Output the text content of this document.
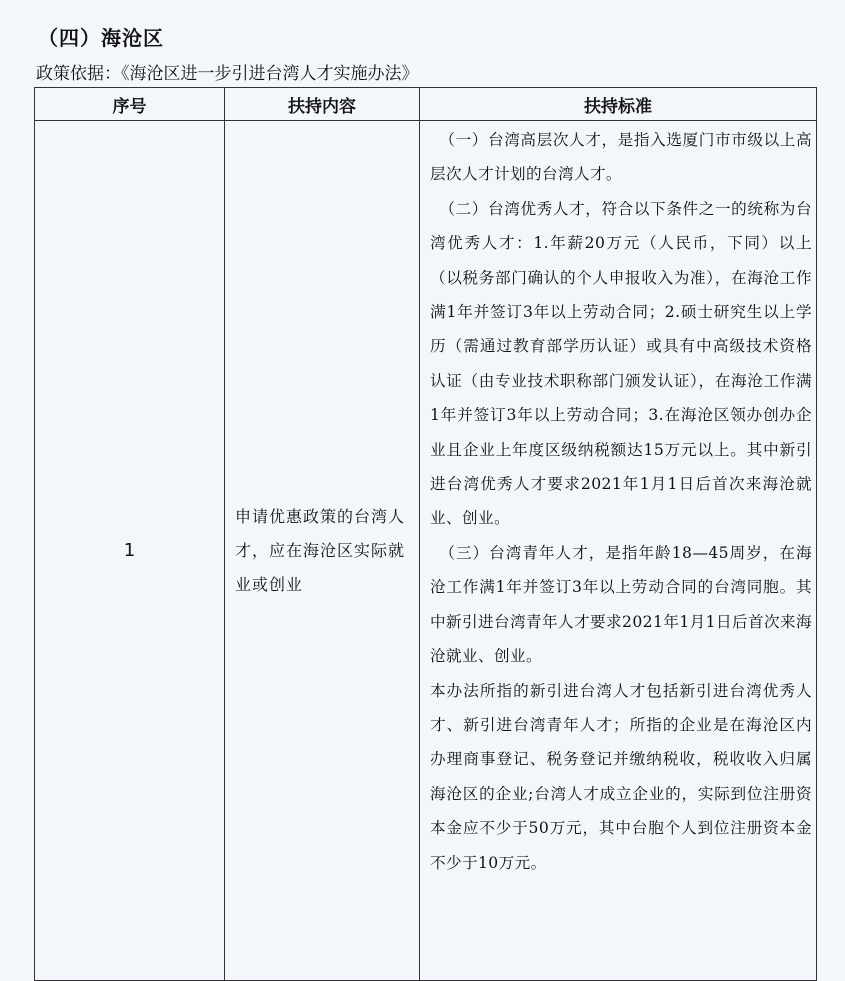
（四）海沧区
政策依据：《海沧区进一步引进台湾人才实施办法》
序号	扶持内容	扶持标准
1	申请优惠政策的台湾人才，应在海沧区实际就业或创业	（一）台湾高层次人才，是指入选厦门市市级以上高层次人才计划的台湾人才。

（二）台湾优秀人才，符合以下条件之一的统称为台湾优秀人才：1.年薪20万元（人民币，下同）以上（以税务部门确认的个人申报收入为准），在海沧工作满1年并签订3年以上劳动合同；2.硕士研究生以上学历（需通过教育部学历认证）或具有中高级技术资格认证（由专业技术职称部门颁发认证），在海沧工作满1年并签订3年以上劳动合同；3.在海沧区领办创办企业且企业上年度区级纳税额达15万元以上。其中新引进台湾优秀人才要求2021年1月1日后首次来海沧就业、创业。

（三）台湾青年人才，是指年龄18—45周岁，在海沧工作满1年并签订3年以上劳动合同的台湾同胞。其中新引进台湾青年人才要求2021年1月1日后首次来海沧就业、创业。

本办法所指的新引进台湾人才包括新引进台湾优秀人才、新引进台湾青年人才；所指的企业是在海沧区内办理商事登记、税务登记并缴纳税收，税收收入归属海沧区的企业;台湾人才成立企业的，实际到位注册资本金应不少于50万元，其中台胞个人到位注册资本金不少于10万元。
